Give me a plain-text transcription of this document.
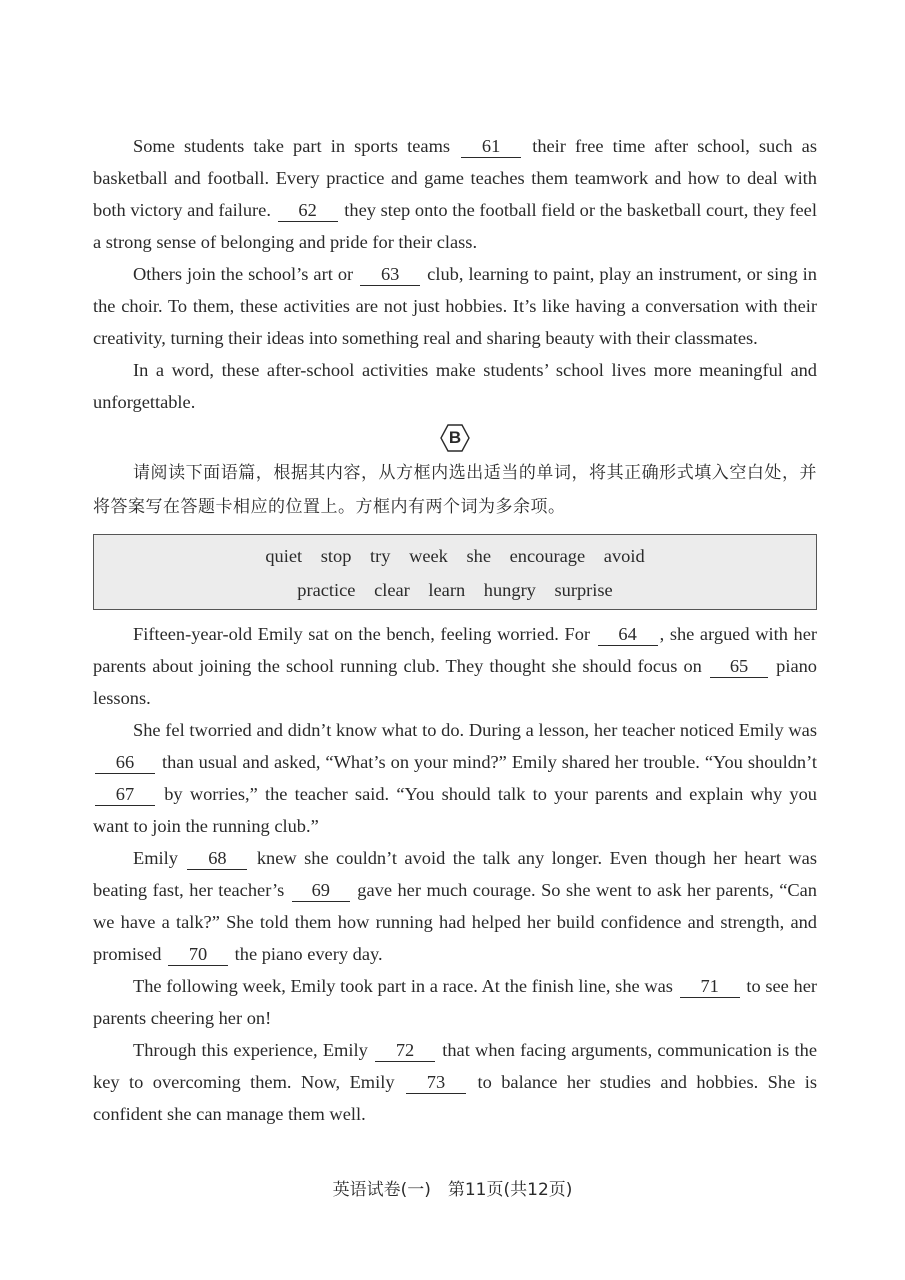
Some students take part in sports teams 61 their free time after school, such as basketball and football. Every practice and game teaches them teamwork and how to deal with both victory and failure. 62 they step onto the football field or the basketball court, they feel a strong sense of belonging and pride for their class.

Others join the school’s art or 63 club, learning to paint, play an instrument, or sing in the choir. To them, these activities are not just hobbies. It’s like having a conversation with their creativity, turning their ideas into something real and sharing beauty with their classmates.

In a word, these after-school activities make students’ school lives more meaningful and unforgettable.

B

请阅读下面语篇，根据其内容，从方框内选出适当的单词，将其正确形式填入空白处，并将答案写在答题卡相应的位置上。方框内有两个词为多余项。

quiet stop try week she encourage avoid
practice clear learn hungry surprise

Fifteen-year-old Emily sat on the bench, feeling worried. For 64 , she argued with her parents about joining the school running club. They thought she should focus on 65 piano lessons.

She fel tworried and didn’t know what to do. During a lesson, her teacher noticed Emily was 66 than usual and asked, “What’s on your mind?” Emily shared her trouble. “You shouldn’t 67 by worries,” the teacher said. “You should talk to your parents and explain why you want to join the running club.”

Emily 68 knew she couldn’t avoid the talk any longer. Even though her heart was beating fast, her teacher’s 69 gave her much courage. So she went to ask her parents, “Can we have a talk?” She told them how running had helped her build confidence and strength, and promised 70 the piano every day.

The following week, Emily took part in a race. At the finish line, she was 71 to see her parents cheering her on!

Through this experience, Emily 72 that when facing arguments, communication is the key to overcoming them. Now, Emily 73 to balance her studies and hobbies. She is confident she can manage them well.

英语试卷(一)　第11页(共12页)
